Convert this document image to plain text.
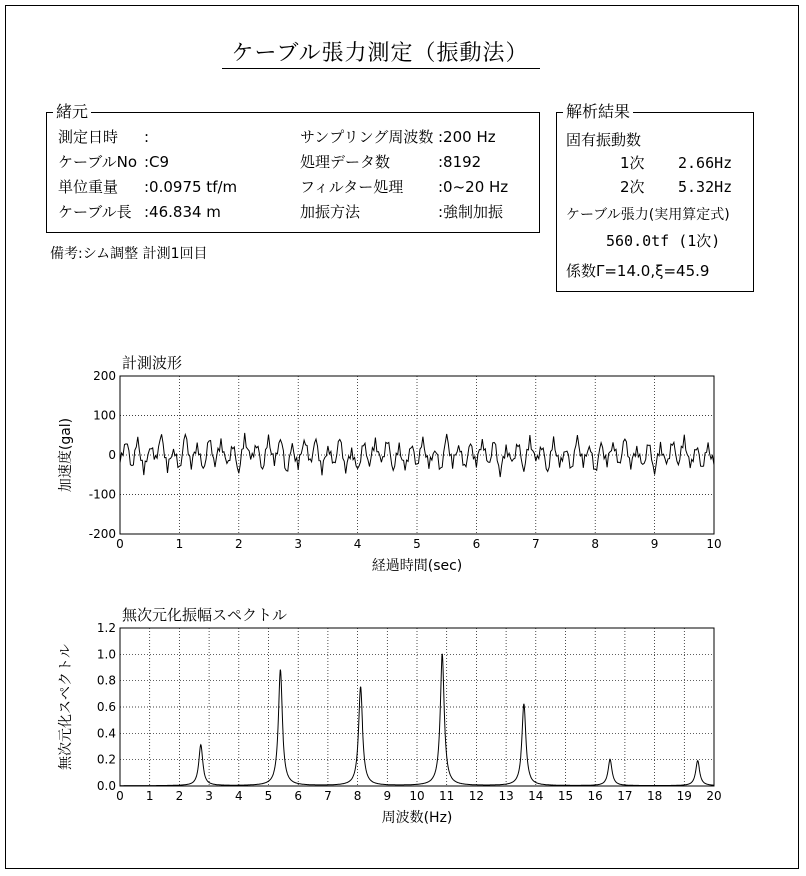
ケーブル張力測定（振動法）
緒元
測定日時 :
ケーブルNo :C9
単位重量 :0.0975 tf/m
ケーブル長 :46.834 m
サンプリング周波数 :200 Hz
処理データ数	:8192
フィルター処理 :0~20 Hz
加振方法	:強制加振
解析結果
固有振動数
1次 2.66Hz
2次 5.32Hz
ケーブル張力(実用算定式)
560.0tf (1次)
係数Γ=14.0,ξ=45.9
備考:シム調整 計測1回目
計測波形
0	1	2	3	4	5	6	7	8	9	10
-200
-100
0
100
200
経過時間(sec)
加速度(gal)
無次元化振幅スペクトル
0 1 2 3 4 5 6 7 8 9 10 11 12 13 14 15 16 17 18 19 20
0.0
0.2
0.4
0.6
0.8
1.0
1.2
周波数(Hz)
無次元化スペクトル
